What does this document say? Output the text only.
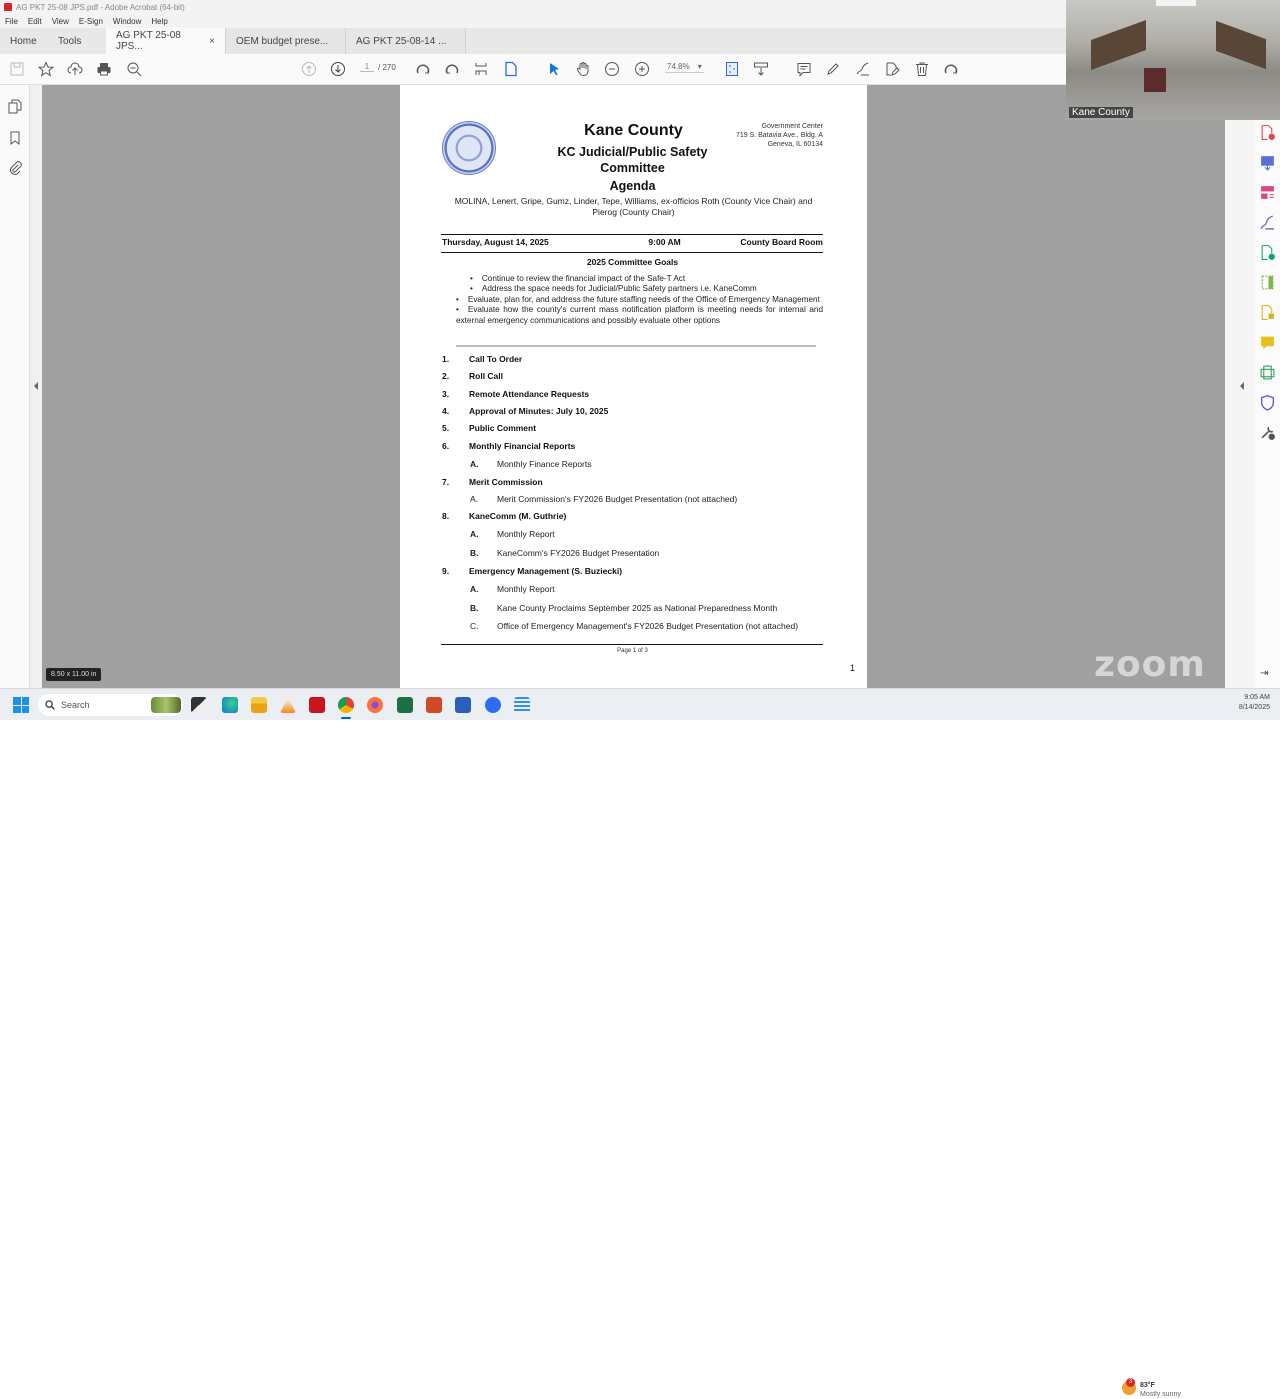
AG PKT 25-08 JPS.pdf - Adobe Acrobat (64-bit)
File Edit View E-Sign Window Help
Home	Tools	AG PKT 25-08 JPS...	× OEM budget prese...	AG PKT 25-08-14 ...
1	/ 270	74.8% ▾
Kane County
KC Judicial/Public Safety Committee
Agenda
Government Center
719 S. Batavia Ave., Bldg. A
Geneva, IL 60134
MOLINA, Lenert, Gripe, Gumz, Linder, Tepe, Williams, ex-officios Roth (County Vice Chair) and Pierog (County Chair)
Thursday, August 14, 2025	9:00 AM	County Board Room
2025 Committee Goals
• Continue to review the financial impact of the Safe-T Act
• Address the space needs for Judicial/Public Safety partners i.e. KaneComm
• Evaluate, plan for, and address the future staffing needs of the Office of Emergency Management
• Evaluate how the county's current mass notification platform is meeting needs for internal and external emergency communications and possibly evaluate other options
1.	Call To Order
2.	Roll Call
3.	Remote Attendance Requests
4.	Approval of Minutes: July 10, 2025
5.	Public Comment
6.	Monthly Financial Reports
A.	Monthly Finance Reports
7.	Merit Commission
A.	Merit Commission's FY2026 Budget Presentation (not attached)
8.	KaneComm (M. Guthrie)
A.	Monthly Report
B.	KaneComm's FY2026 Budget Presentation
9.	Emergency Management (S. Buziecki)
A.	Monthly Report
B.	Kane County Proclaims September 2025 as National Preparedness Month
C.	Office of Emergency Management's FY2026 Budget Presentation (not attached)
Page 1 of 3
1
8.50 x 11.00 in
Kane County
zoom	⇥
Search
3	83°F
Mostly sunny
9:05 AM
8/14/2025
